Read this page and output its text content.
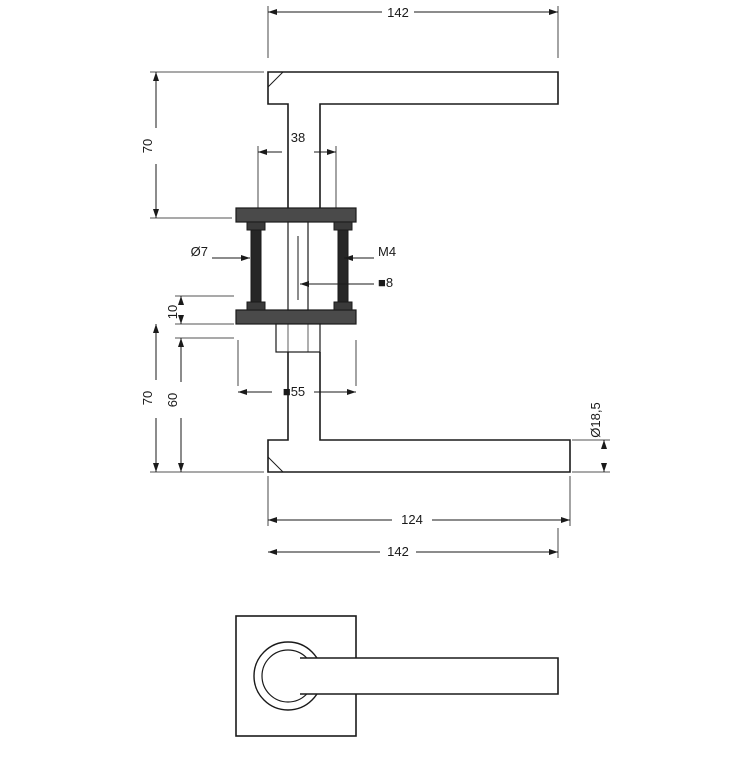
142
70
38
Ø7	M4
■8
10
70 60
■55
Ø18,5
124
142
